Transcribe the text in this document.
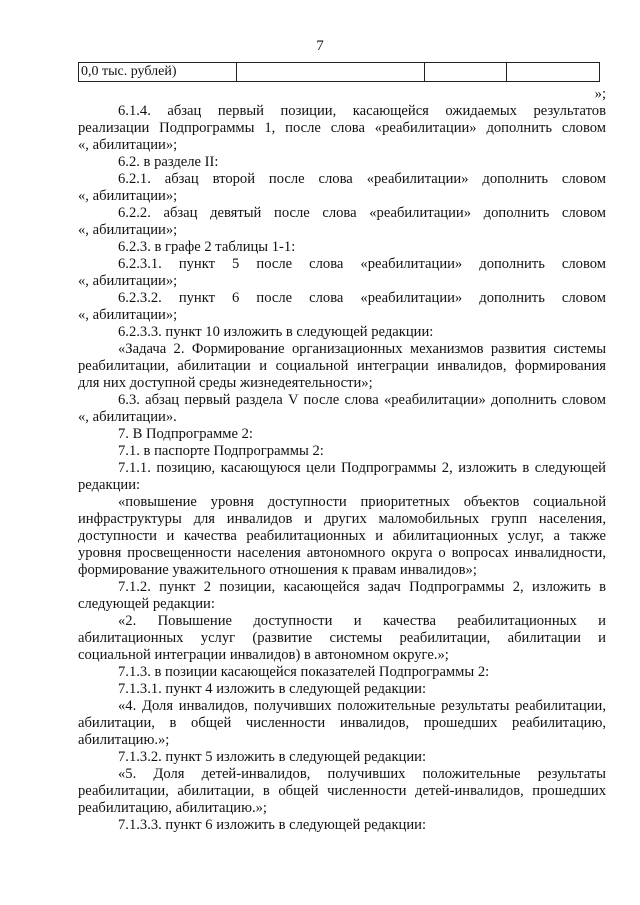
7
0,0 тыс. рублей)
»;
6.1.4. абзац первый позиции, касающейся ожидаемых результатов
реализации Подпрограммы 1, после слова «реабилитации» дополнить словом
«, абилитации»;
6.2. в разделе II:
6.2.1. абзац второй после слова «реабилитации» дополнить словом
«, абилитации»;
6.2.2. абзац девятый после слова «реабилитации» дополнить словом
«, абилитации»;
6.2.3. в графе 2 таблицы 1-1:
6.2.3.1. пункт 5 после слова «реабилитации» дополнить словом
«, абилитации»;
6.2.3.2. пункт 6 после слова «реабилитации» дополнить словом
«, абилитации»;
6.2.3.3. пункт 10 изложить в следующей редакции:
«Задача 2. Формирование организационных механизмов развития системы
реабилитации, абилитации и социальной интеграции инвалидов, формирования
для них доступной среды жизнедеятельности»;
6.3. абзац первый раздела V после слова «реабилитации» дополнить словом
«, абилитации».
7. В Подпрограмме 2:
7.1. в паспорте Подпрограммы 2:
7.1.1. позицию, касающуюся цели Подпрограммы 2, изложить в следующей
редакции:
«повышение уровня доступности приоритетных объектов социальной
инфраструктуры для инвалидов и других маломобильных групп населения,
доступности и качества реабилитационных и абилитационных услуг, а также
уровня просвещенности населения автономного округа о вопросах инвалидности,
формирование уважительного отношения к правам инвалидов»;
7.1.2. пункт 2 позиции, касающейся задач Подпрограммы 2, изложить в
следующей редакции:
«2. Повышение доступности и качества реабилитационных и
абилитационных услуг (развитие системы реабилитации, абилитации и
социальной интеграции инвалидов) в автономном округе.»;
7.1.3. в позиции касающейся показателей Подпрограммы 2:
7.1.3.1. пункт 4 изложить в следующей редакции:
«4. Доля инвалидов, получивших положительные результаты реабилитации,
абилитации, в общей численности инвалидов, прошедших реабилитацию,
абилитацию.»;
7.1.3.2. пункт 5 изложить в следующей редакции:
«5. Доля детей-инвалидов, получивших положительные результаты
реабилитации, абилитации, в общей численности детей-инвалидов, прошедших
реабилитацию, абилитацию.»;
7.1.3.3. пункт 6 изложить в следующей редакции:
